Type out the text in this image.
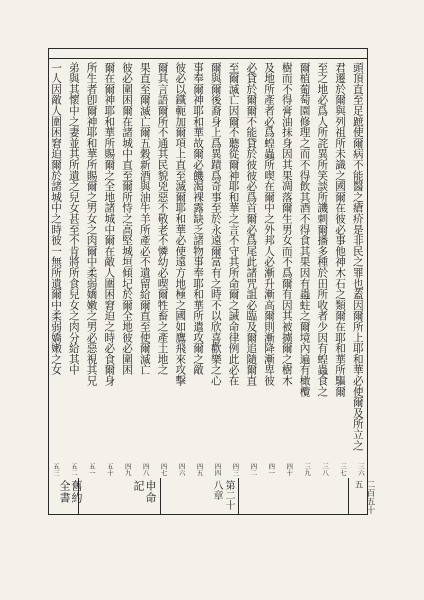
頭頂直至足蹠使爾病不能醫之瘡疥是非民之罪也蓋因爾所上耶和華必使爾及所立之
君遷於爾與列祖所未識之國爾在彼必事他神木石之類爾在耶和華所驅爾
至之地必爲人所詫異所笑談所譏刺爾播多種於田所收者少因有蝗蟲食之
爾植葡萄園修理之而不得飲其酒不得食其果因有蟲蛀之爾境內遍有橄欖
樹而不得膏油抹身因其果凋落爾生男女而不爲爾有因其被擄爾之樹木
及地所產者必爲蝗蟲所喫在爾中之外邦人必漸升漸高爾則漸降漸卑彼
必貸於爾爾不能貸於彼彼必爲首爾必爲尾此諸咒詛必臨及爾追隨爾直
至爾滅亡因爾不聽從爾神耶和華之言不守其所命爾之誡命律例此必在
爾與爾後裔身上爲異蹟爲奇事至於永遠爾富有之時不以欣喜歡樂之心
事奉爾神耶和華故爾必饑渴裸露缺乏諸物事奉耶和華所遣攻爾之敵
彼必以鐵軛加爾項上直至滅爾耶和華必使遠方地極之國如鷹飛來攻擊
爾其言語爾所不通其民貌兇惡不敬老不憐幼必喫爾牲畜之產土地之
果直至爾滅亡爾五穀新酒與油牛羊所產必不遺留給爾直至使爾滅亡
彼必圍困爾在諸城中直至爾所恃之高堅城垣傾圮於爾全地彼必圍困
爾在爾神耶和華所賜爾之全地諸城中爾在敵人圍困窘迫之時必食爾身
所生者卽爾神耶和華所賜爾之男女之肉爾中柔弱嬌嫩之男必惡視其兄
弟與其懷中之妻並其所遺之兒女甚至不肯將所食兒女之肉分給其中
一人因敵人圍困窘迫爾於諸城中之時彼一無所遺爾中柔弱嬌嫩之女
三六
三七
三八
三九
四十
四一
四二
四三
四四
四五
四六
四七
四八
四九
五十
五一
五二
五三
舊約全書	申命記	第二十八章	二百五十五
